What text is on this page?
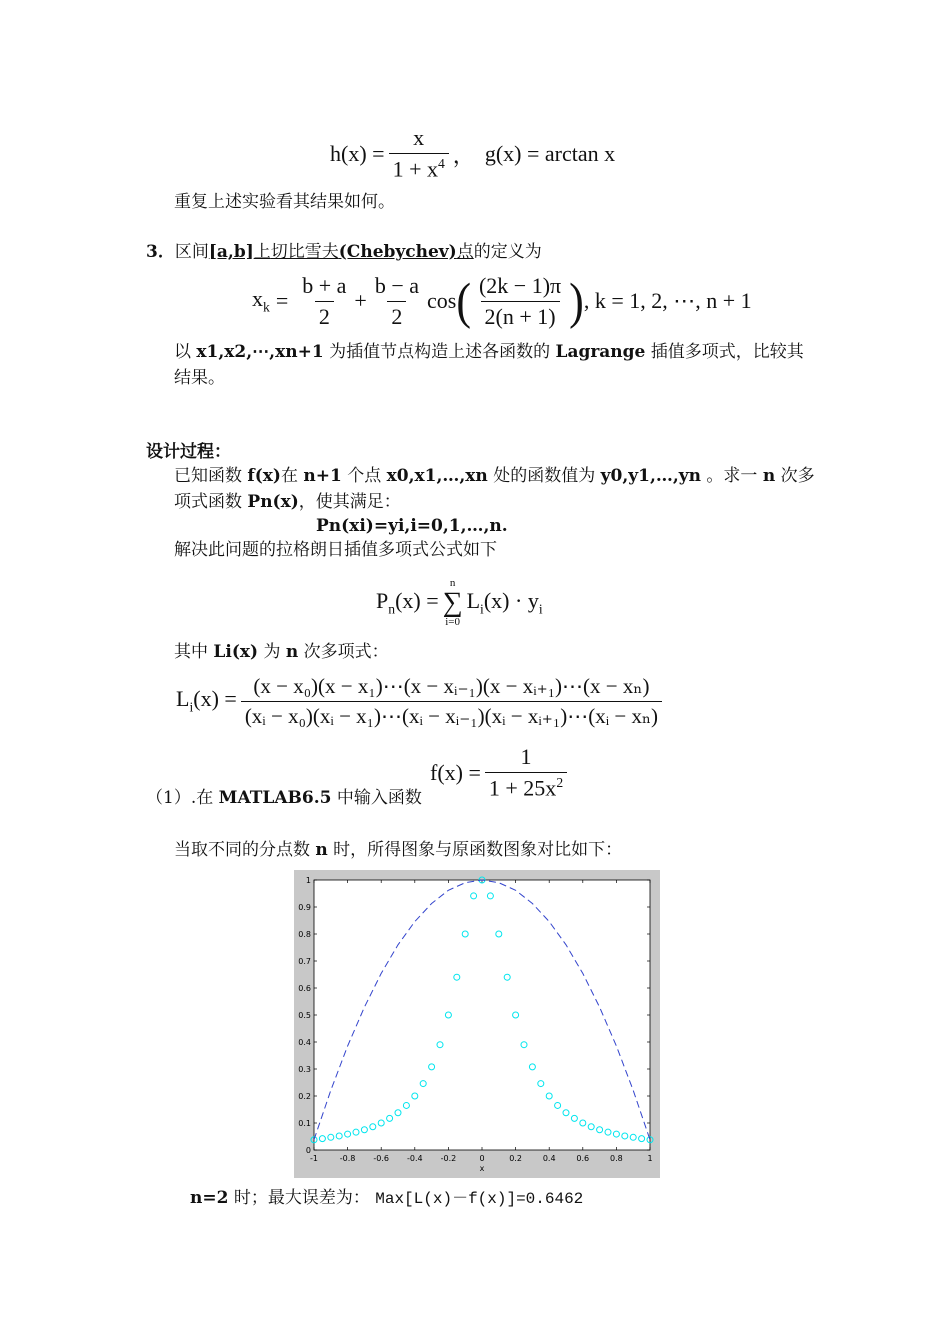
$h(x) = \frac{x}{1 + x^4}$ ， g(x) = arctan x
重复上述实验看其结果如何。
3．区间[a,b]上切比雪夫(Chebychev)点的定义为
$x_k = \frac{b + a}{2} + \frac{b - a}{2}$ cos ( $\frac{(2k - 1)\pi}{2(n + 1)}$ ) , k = 1, 2, ⋯, n + 1
以 x1,x2,⋯,xn+1 为插值节点构造上述各函数的 Lagrange 插值多项式，比较其
结果。
设计过程：
已知函数 f(x)在 n+1 个点 x0,x1,…,xn 处的函数值为 y0,y1,…,yn 。求一 n 次多
项式函数 Pn(x)，使其满足：
Pn(xi)=yi,i=0,1,…,n.
解决此问题的拉格朗日插值多项式公式如下
$P_n(x)$ =
n
∑
i=0
$L_i(x) \cdot y_i$
其中 Li(x) 为 n 次多项式：
$L_i(x) = \frac{\text{(x − x₀)(x − x₁)⋯(x − xᵢ₋₁)(x − xᵢ₊₁)⋯(x − xₙ)}}{\text{(xᵢ − x₀)(xᵢ − x₁)⋯(xᵢ − xᵢ₋₁)(xᵢ − xᵢ₊₁)⋯(xᵢ − xₙ)}}$
$f(x) = \frac{1}{1 + 25x^2}$
（1）.在 MATLAB6.5 中输入函数
当取不同的分点数 n 时，所得图象与原函数图象对比如下：
-1	-0.8 -0.6 -0.4 -0.2	0	0.2	0.4	0.6	0.8	1
0
0.1
0.2
0.3
0.4
0.5
0.6
0.7
0.8
0.9
1
x
n=2 时；最大误差为： Max[L(x)－f(x)]=0.6462
